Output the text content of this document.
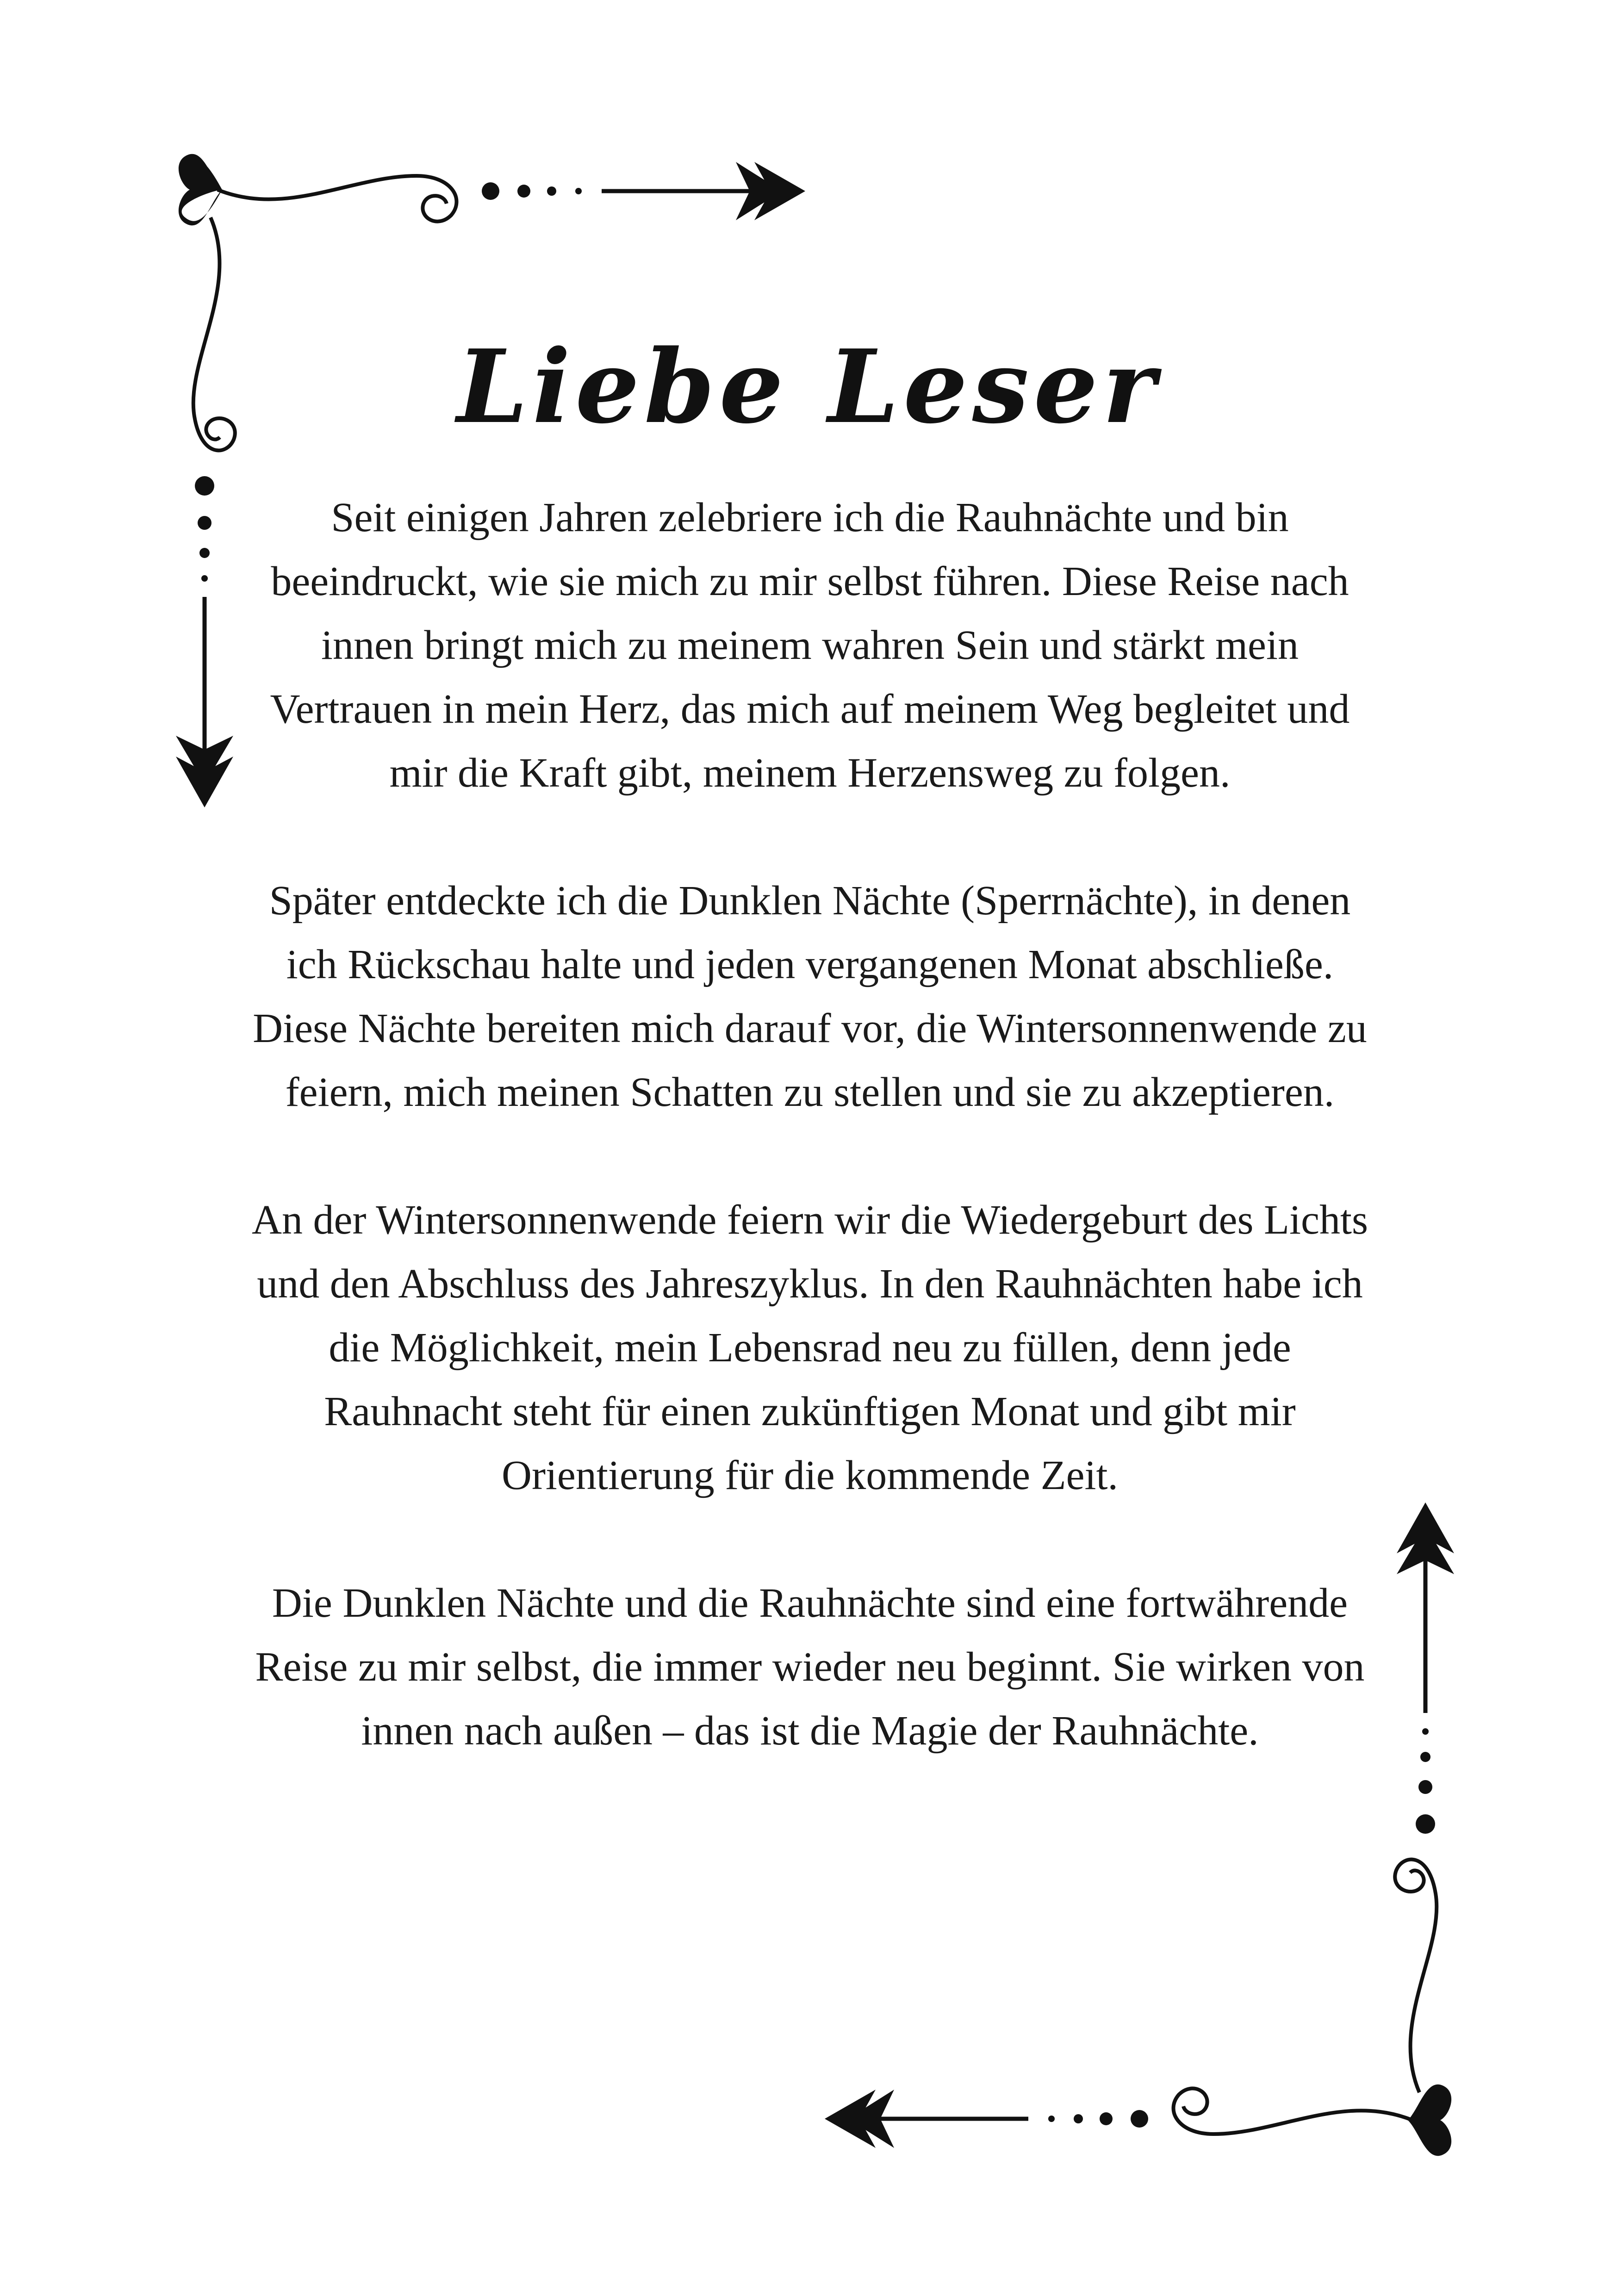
Liebe Leser

Seit einigen Jahren zelebriere ich die Rauhnächte und bin beeindruckt, wie sie mich zu mir selbst führen. Diese Reise nach innen bringt mich zu meinem wahren Sein und stärkt mein Vertrauen in mein Herz, das mich auf meinem Weg begleitet und mir die Kraft gibt, meinem Herzensweg zu folgen.

Später entdeckte ich die Dunklen Nächte (Sperrnächte), in denen ich Rückschau halte und jeden vergangenen Monat abschließe. Diese Nächte bereiten mich darauf vor, die Wintersonnenwende zu feiern, mich meinen Schatten zu stellen und sie zu akzeptieren.

An der Wintersonnenwende feiern wir die Wiedergeburt des Lichts und den Abschluss des Jahreszyklus. In den Rauhnächten habe ich die Möglichkeit, mein Lebensrad neu zu füllen, denn jede Rauhnacht steht für einen zukünftigen Monat und gibt mir Orientierung für die kommende Zeit.

Die Dunklen Nächte und die Rauhnächte sind eine fortwährende Reise zu mir selbst, die immer wieder neu beginnt. Sie wirken von innen nach außen – das ist die Magie der Rauhnächte.
